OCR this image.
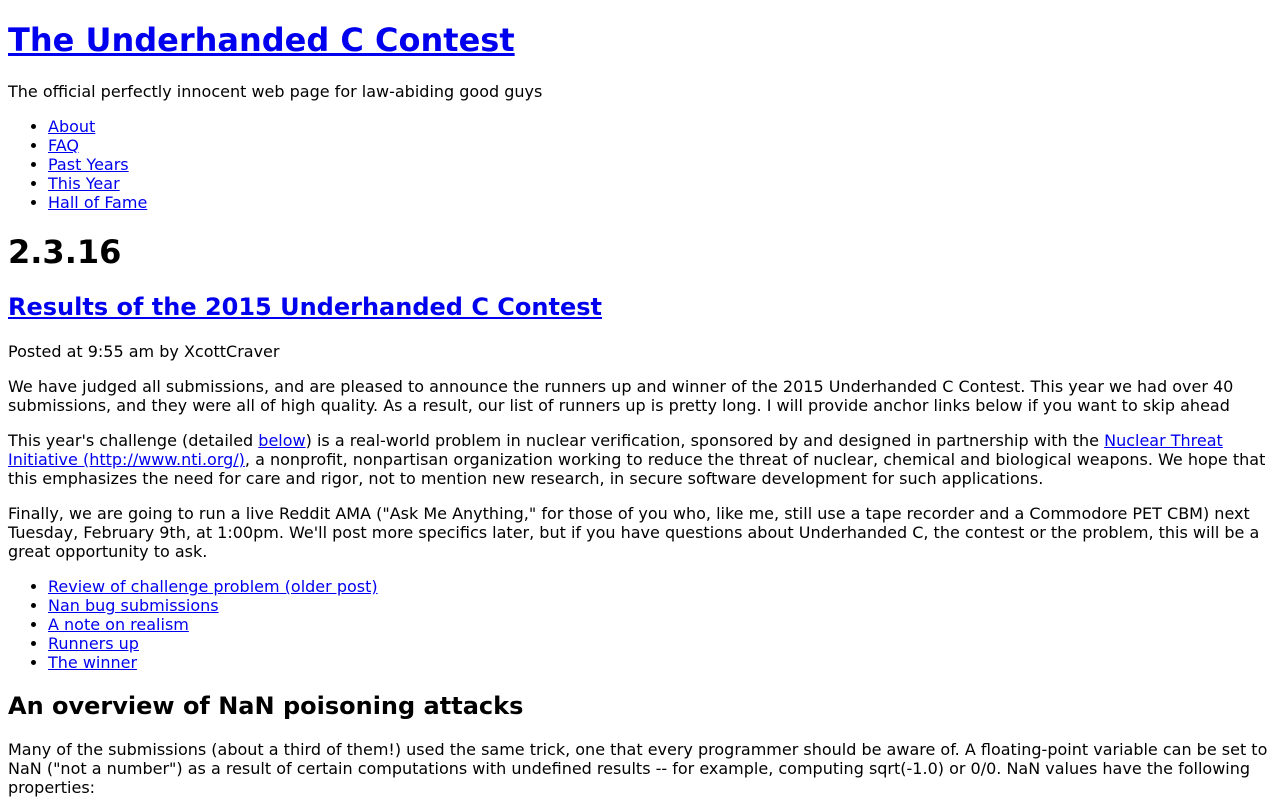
The Underhanded C Contest

The official perfectly innocent web page for law-abiding good guys

• About
• FAQ
• Past Years
• This Year
• Hall of Fame
2.3.16
Results of the 2015 Underhanded C Contest

Posted at 9:55 am by XcottCraver

We have judged all submissions, and are pleased to announce the runners up and winner of the 2015 Underhanded C Contest. This year we had over 40 submissions, and they were all of high quality. As a result, our list of runners up is pretty long. I will provide anchor links below if you want to skip ahead

This year's challenge (detailed below) is a real-world problem in nuclear verification, sponsored by and designed in partnership with the Nuclear Threat Initiative (http://www.nti.org/), a nonprofit, nonpartisan organization working to reduce the threat of nuclear, chemical and biological weapons. We hope that this emphasizes the need for care and rigor, not to mention new research, in secure software development for such applications.

Finally, we are going to run a live Reddit AMA ("Ask Me Anything," for those of you who, like me, still use a tape recorder and a Commodore PET CBM) next Tuesday, February 9th, at 1:00pm. We'll post more specifics later, but if you have questions about Underhanded C, the contest or the problem, this will be a great opportunity to ask.

• Review of challenge problem (older post)
• Nan bug submissions
• A note on realism
• Runners up
• The winner
An overview of NaN poisoning attacks

Many of the submissions (about a third of them!) used the same trick, one that every programmer should be aware of. A floating-point variable can be set to NaN ("not a number") as a result of certain computations with undefined results -- for example, computing sqrt(-1.0) or 0/0. NaN values have the following properties:
